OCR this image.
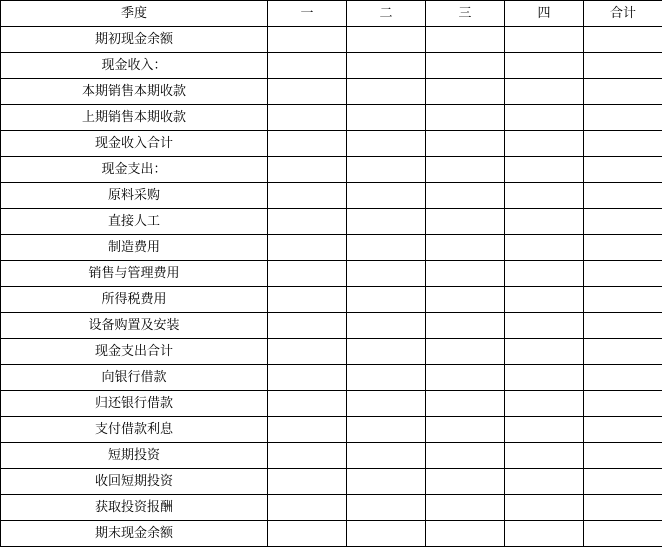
季度	一	二	三	四	合计
期初现金余额					
现金收入：					
本期销售本期收款					
上期销售本期收款					
现金收入合计					
现金支出：					
原料采购					
直接人工					
制造费用					
销售与管理费用					
所得税费用					
设备购置及安装					
现金支出合计					
向银行借款					
归还银行借款					
支付借款利息					
短期投资					
收回短期投资					
获取投资报酬					
期末现金余额					
